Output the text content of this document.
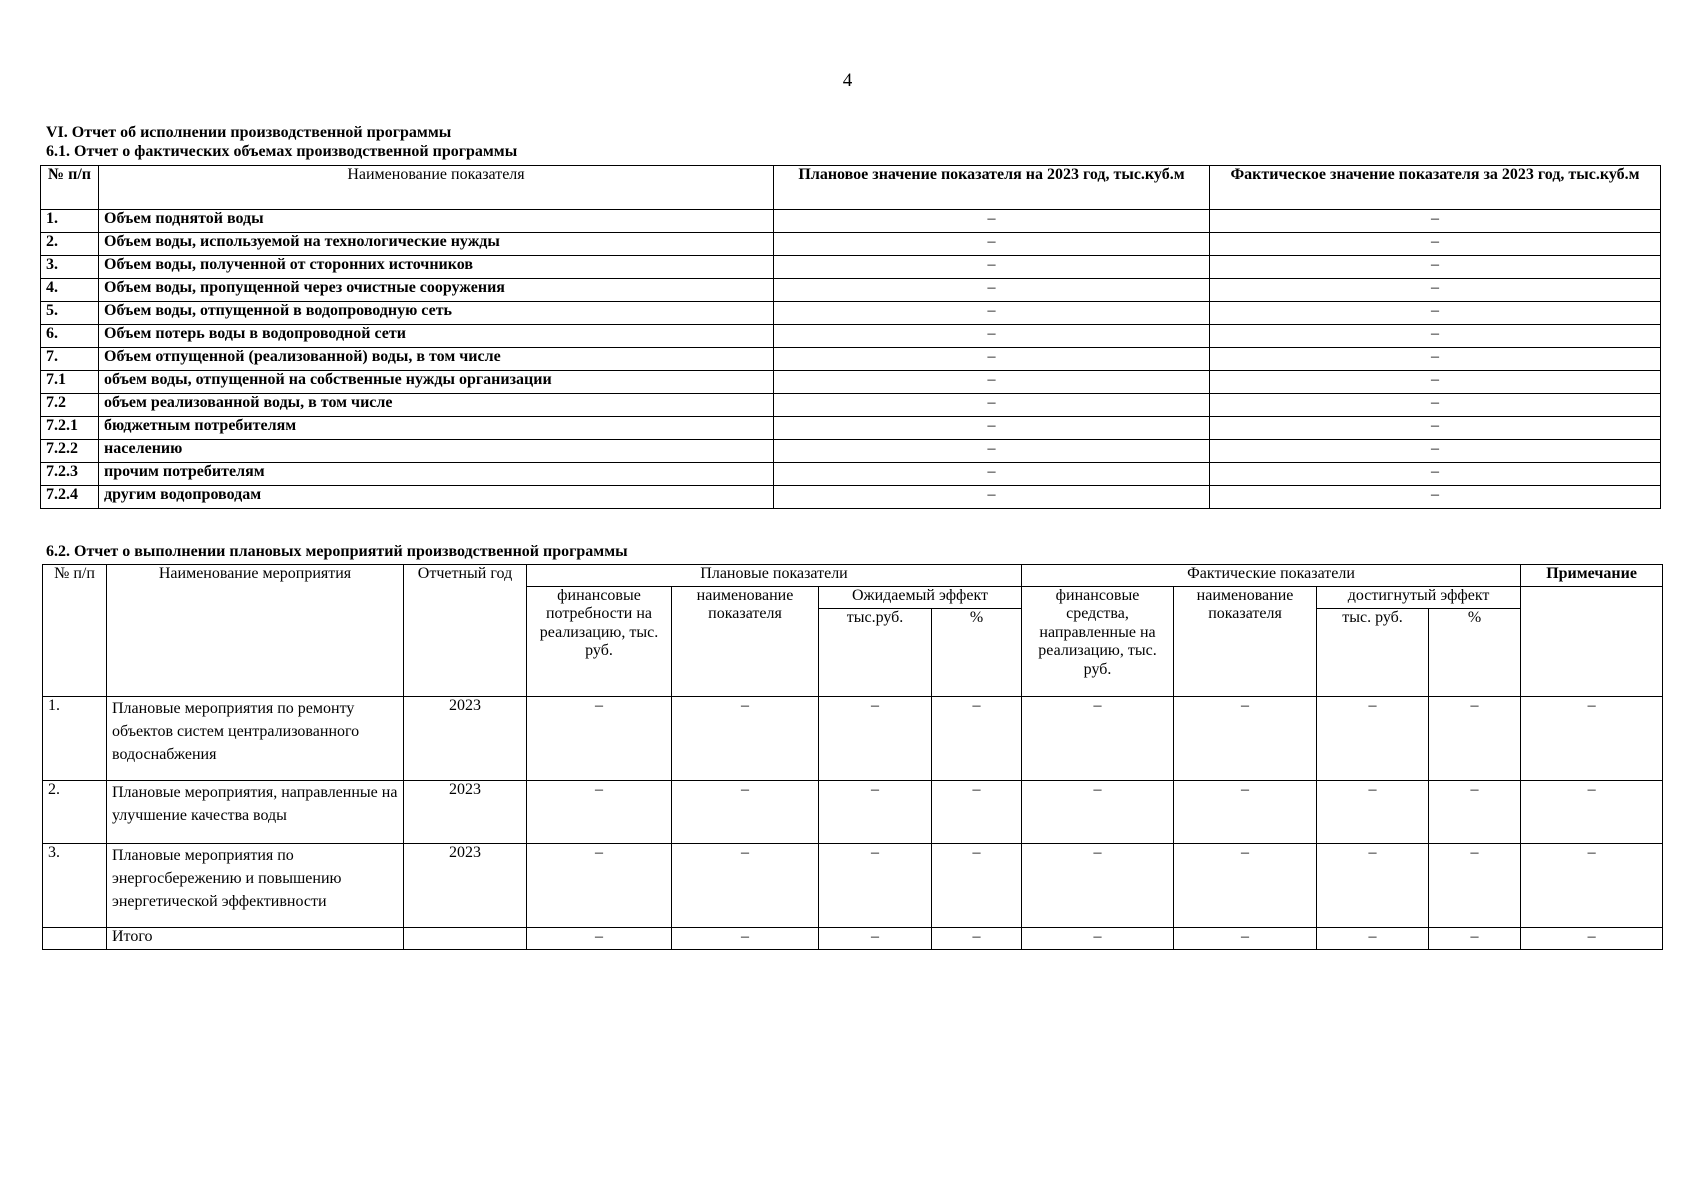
4
VI. Отчет об исполнении производственной программы
6.1. Отчет о фактических объемах производственной программы
№ п/п	Наименование показателя	Плановое значение показателя на 2023 год, тыс.куб.м	Фактическое значение показателя за 2023 год, тыс.куб.м
1.	Объем поднятой воды	–	–
2.	Объем воды, используемой на технологические нужды	–	–
3.	Объем воды, полученной от сторонних источников	–	–
4.	Объем воды, пропущенной через очистные сооружения	–	–
5.	Объем воды, отпущенной в водопроводную сеть	–	–
6.	Объем потерь воды в водопроводной сети	–	–
7.	Объем отпущенной (реализованной) воды, в том числе	–	–
7.1	объем воды, отпущенной на собственные нужды организации	–	–
7.2	объем реализованной воды, в том числе	–	–
7.2.1	бюджетным потребителям	–	–
7.2.2	населению	–	–
7.2.3	прочим потребителям	–	–
7.2.4	другим водопроводам	–	–
6.2. Отчет о выполнении плановых мероприятий производственной программы
№ п/п	Наименование мероприятия	Отчетный год	Плановые показатели				Фактические показатели				Примечание
			финансовые потребности на реализацию, тыс. руб.	наименование показателя	Ожидаемый эффект		финансовые средства, направленные на реализацию, тыс. руб.	наименование показателя	достигнутый эффект		
					тыс.руб.	%			тыс. руб.	%	
1.	Плановые мероприятия по ремонту объектов систем централизованного водоснабжения	2023	–	–	–	–	–	–	–	–	–
2.	Плановые мероприятия, направленные на улучшение качества воды	2023	–	–	–	–	–	–	–	–	–
3.	Плановые мероприятия по энергосбережению и повышению энергетической эффективности	2023	–	–	–	–	–	–	–	–	–
	Итого		–	–	–	–	–	–	–	–	–
